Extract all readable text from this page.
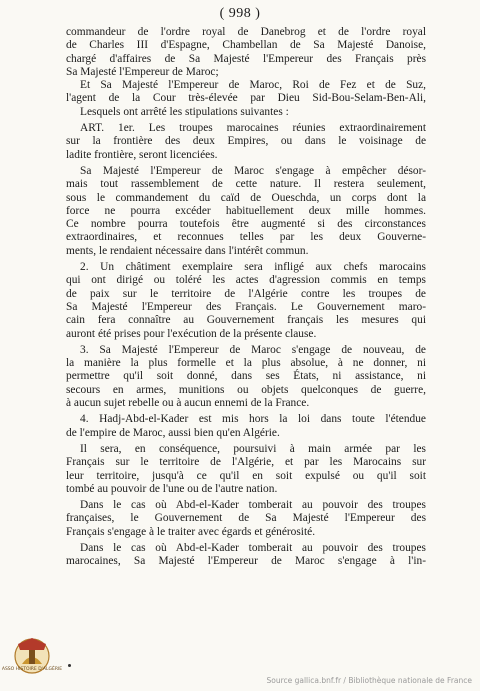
( 998 )
commandeur de l'ordre royal de Danebrog et de l'ordre royal
de Charles III d'Espagne, Chambellan de Sa Majesté Danoise,
chargé d'affaires de Sa Majesté l'Empereur des Français près
Sa Majesté l'Empereur de Maroc;
Et Sa Majesté l'Empereur de Maroc, Roi de Fez et de Suz,
l'agent de la Cour très-élevée par Dieu Sid-Bou-Selam-Ben-Ali,
Lesquels ont arrêté les stipulations suivantes :
ART. 1er. Les troupes marocaines réunies extraordinairement
sur la frontière des deux Empires, ou dans le voisinage de
ladite frontière, seront licenciées.
Sa Majesté l'Empereur de Maroc s'engage à empêcher désor-
mais tout rassemblement de cette nature. Il restera seulement,
sous le commandement du caïd de Oueschda, un corps dont la
force ne pourra excéder habituellement deux mille hommes.
Ce nombre pourra toutefois être augmenté si des circonstances
extraordinaires, et reconnues telles par les deux Gouverne-
ments, le rendaient nécessaire dans l'intérêt commun.
2. Un châtiment exemplaire sera infligé aux chefs marocains
qui ont dirigé ou toléré les actes d'agression commis en temps
de paix sur le territoire de l'Algérie contre les troupes de
Sa Majesté l'Empereur des Français. Le Gouvernement maro-
cain fera connaître au Gouvernement français les mesures qui
auront été prises pour l'exécution de la présente clause.
3. Sa Majesté l'Empereur de Maroc s'engage de nouveau, de
la manière la plus formelle et la plus absolue, à ne donner, ni
permettre qu'il soit donné, dans ses États, ni assistance, ni
secours en armes, munitions ou objets quelconques de guerre,
à aucun sujet rebelle ou à aucun ennemi de la France.
4. Hadj-Abd-el-Kader est mis hors la loi dans toute l'étendue
de l'empire de Maroc, aussi bien qu'en Algérie.
Il sera, en conséquence, poursuivi à main armée par les
Français sur le territoire de l'Algérie, et par les Marocains sur
leur territoire, jusqu'à ce qu'il en soit expulsé ou qu'il soit
tombé au pouvoir de l'une ou de l'autre nation.
Dans le cas où Abd-el-Kader tomberait au pouvoir des troupes
françaises, le Gouvernement de Sa Majesté l'Empereur des
Français s'engage à le traiter avec égards et générosité.
Dans le cas où Abd-el-Kader tomberait au pouvoir des troupes
marocaines, Sa Majesté l'Empereur de Maroc s'engage à l'in-
ASSO HISTOIRE D'ALGÉRIE
Source gallica.bnf.fr / Bibliothèque nationale de France
